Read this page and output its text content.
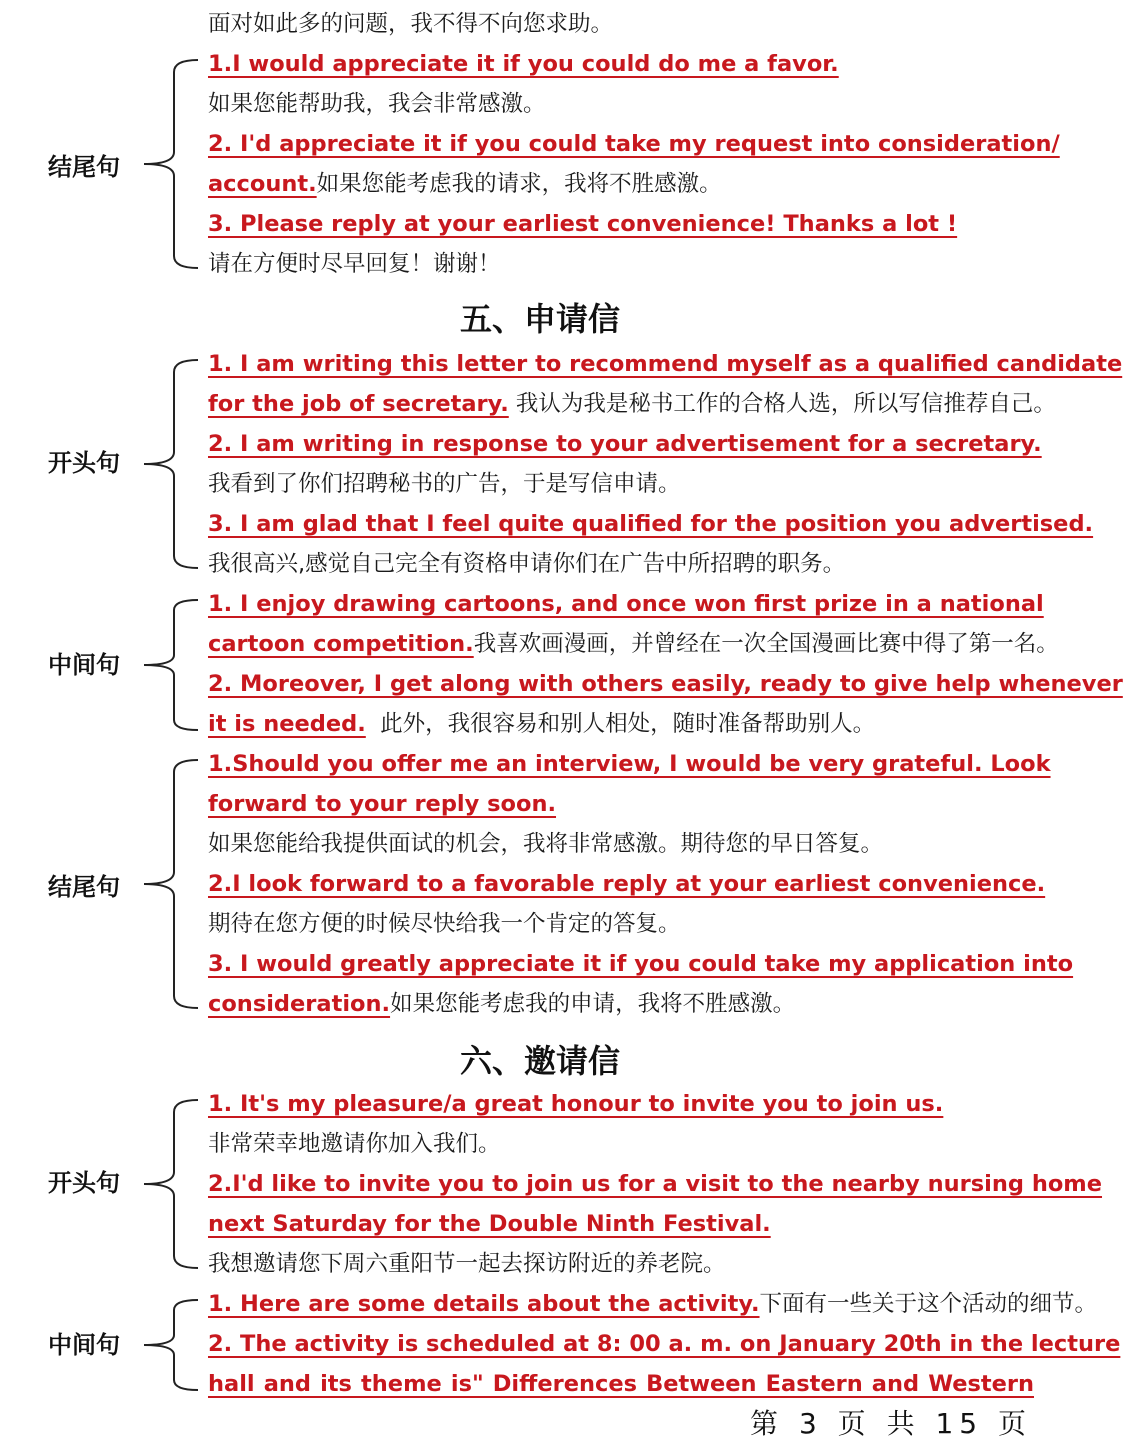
面对如此多的问题，我不得不向您求助。
结尾句
1.I would appreciate it if you could do me a favor.
如果您能帮助我，我会非常感激。
2. I'd appreciate it if you could take my request into consideration/
account.如果您能考虑我的请求，我将不胜感激。
3. Please reply at your earliest convenience! Thanks a lot !
请在方便时尽早回复！谢谢！
五、申请信
开头句
1. I am writing this letter to recommend myself as a qualified candidate
for the job of secretary. 我认为我是秘书工作的合格人选，所以写信推荐自己。
2. I am writing in response to your advertisement for a secretary.
我看到了你们招聘秘书的广告，于是写信申请。
3. I am glad that I feel quite qualified for the position you advertised.
我很高兴,感觉自己完全有资格申请你们在广告中所招聘的职务。
中间句
1. I enjoy drawing cartoons, and once won first prize in a national
cartoon competition.我喜欢画漫画，并曾经在一次全国漫画比赛中得了第一名。
2. Moreover, I get along with others easily, ready to give help whenever
it is needed. 此外，我很容易和别人相处，随时准备帮助别人。
结尾句
1.Should you offer me an interview, I would be very grateful. Look
forward to your reply soon.
如果您能给我提供面试的机会，我将非常感激。期待您的早日答复。
2.I look forward to a favorable reply at your earliest convenience.
期待在您方便的时候尽快给我一个肯定的答复。
3. I would greatly appreciate it if you could take my application into
consideration.如果您能考虑我的申请，我将不胜感激。
六、邀请信
开头句
1. It's my pleasure/a great honour to invite you to join us.
非常荣幸地邀请你加入我们。
2.I'd like to invite you to join us for a visit to the nearby nursing home
next Saturday for the Double Ninth Festival.
我想邀请您下周六重阳节一起去探访附近的养老院。
中间句
1. Here are some details about the activity.下面有一些关于这个活动的细节。
2. The activity is scheduled at 8: 00 a. m. on January 20th in the lecture
hall and its theme is" Differences Between Eastern and Western
第 3 页 共 15 页
